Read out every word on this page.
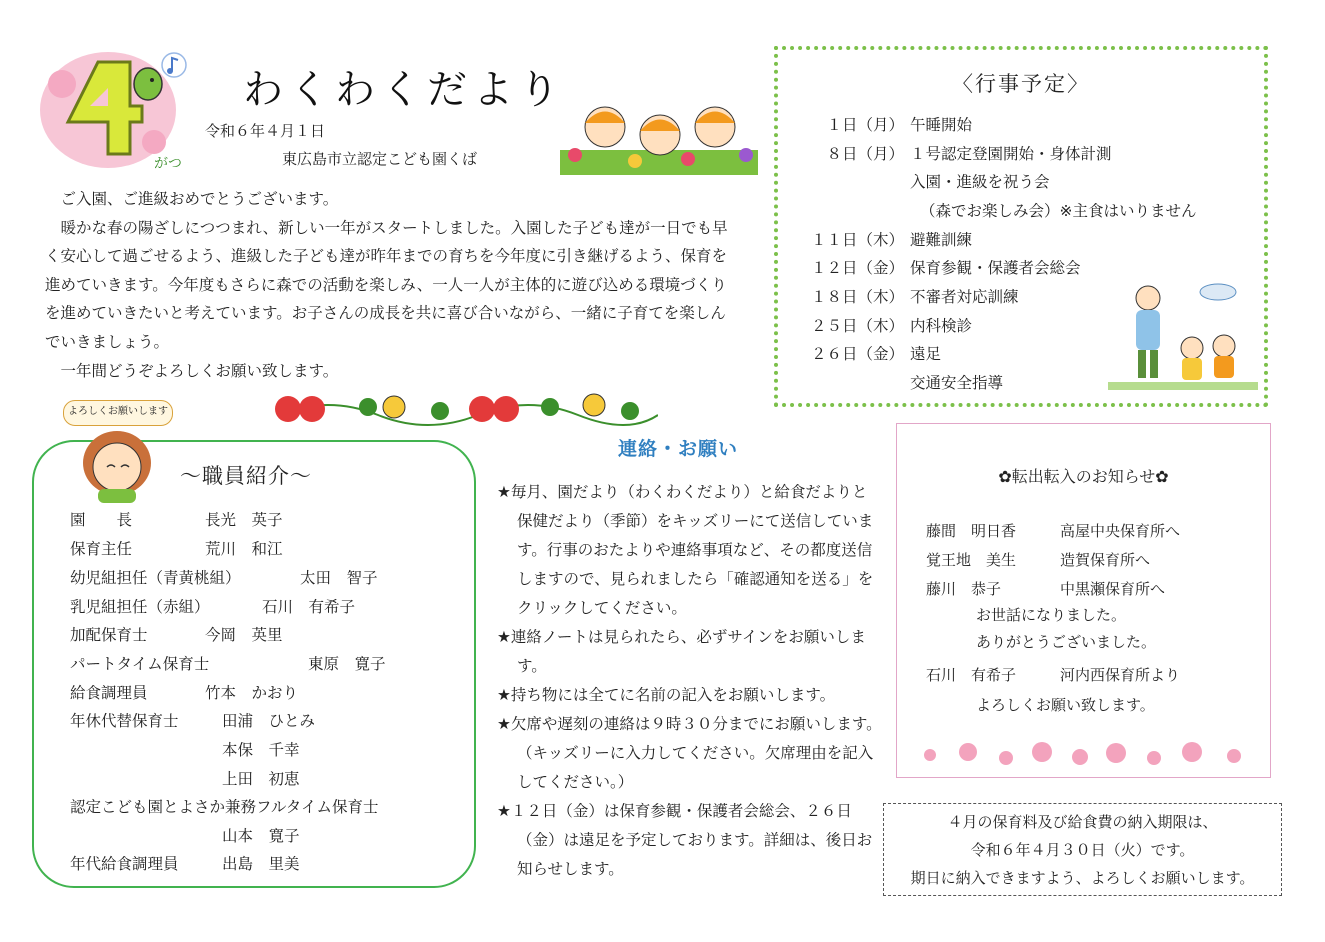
がつ
わくわくだより
令和６年４月１日
東広島市立認定こども園くば

ご入園、ご進級おめでとうございます。

暖かな春の陽ざしにつつまれ、新しい一年がスタートしました。入園した子ども達が一日でも早く安心して過ごせるよう、進級した子ども達が昨年までの育ちを今年度に引き継げるよう、保育を進めていきます。今年度もさらに森での活動を楽しみ、一人一人が主体的に遊び込める環境づくりを進めていきたいと考えています。お子さんの成長を共に喜び合いながら、一緒に子育てを楽しんでいきましょう。

一年間どうぞよろしくお願い致します。

〈行事予定〉
１日（月） 午睡開始
８日（月） １号認定登園開始・身体計測
入園・進級を祝う会
（森でお楽しみ会）※主食はいりません
１１日（木） 避難訓練
１２日（金） 保育参観・保護者会総会
１８日（木） 不審者対応訓練
２５日（木） 内科検診
２６日（金） 遠足
交通安全指導
よろしくお願いします
～職員紹介～
園　　長	長光　英子
保育主任	荒川　和江
幼児組担任（青黄桃組）	太田　智子
乳児組担任（赤組）	石川　有希子
加配保育士	今岡　英里
パートタイム保育士	東原　寛子
給食調理員	竹本　かおり
年休代替保育士	田浦　ひとみ
本保　千幸
上田　初恵
認定こども園とよさか兼務フルタイム保育士
山本　寛子
年代給食調理員	出島　里美
連絡・お願い

★毎月、園だより（わくわくだより）と給食だよりと保健だより（季節）をキッズリーにて送信しています。行事のおたよりや連絡事項など、その都度送信しますので、見られましたら「確認通知を送る」をクリックしてください。

★連絡ノートは見られたら、必ずサインをお願いします。

★持ち物には全てに名前の記入をお願いします。

★欠席や遅刻の連絡は９時３０分までにお願いします。（キッズリーに入力してください。欠席理由を記入してください。）

★１２日（金）は保育参観・保護者会総会、２６日（金）は遠足を予定しております。詳細は、後日お知らせします。

✿転出転入のお知らせ✿
藤間　明日香	高屋中央保育所へ
覚王地　美生	造賀保育所へ
藤川　恭子	中黒瀬保育所へ
お世話になりました。
ありがとうございました。
石川　有希子	河内西保育所より
よろしくお願い致します。
４月の保育料及び給食費の納入期限は、
令和６年４月３０日（火）です。
期日に納入できますよう、よろしくお願いします。
